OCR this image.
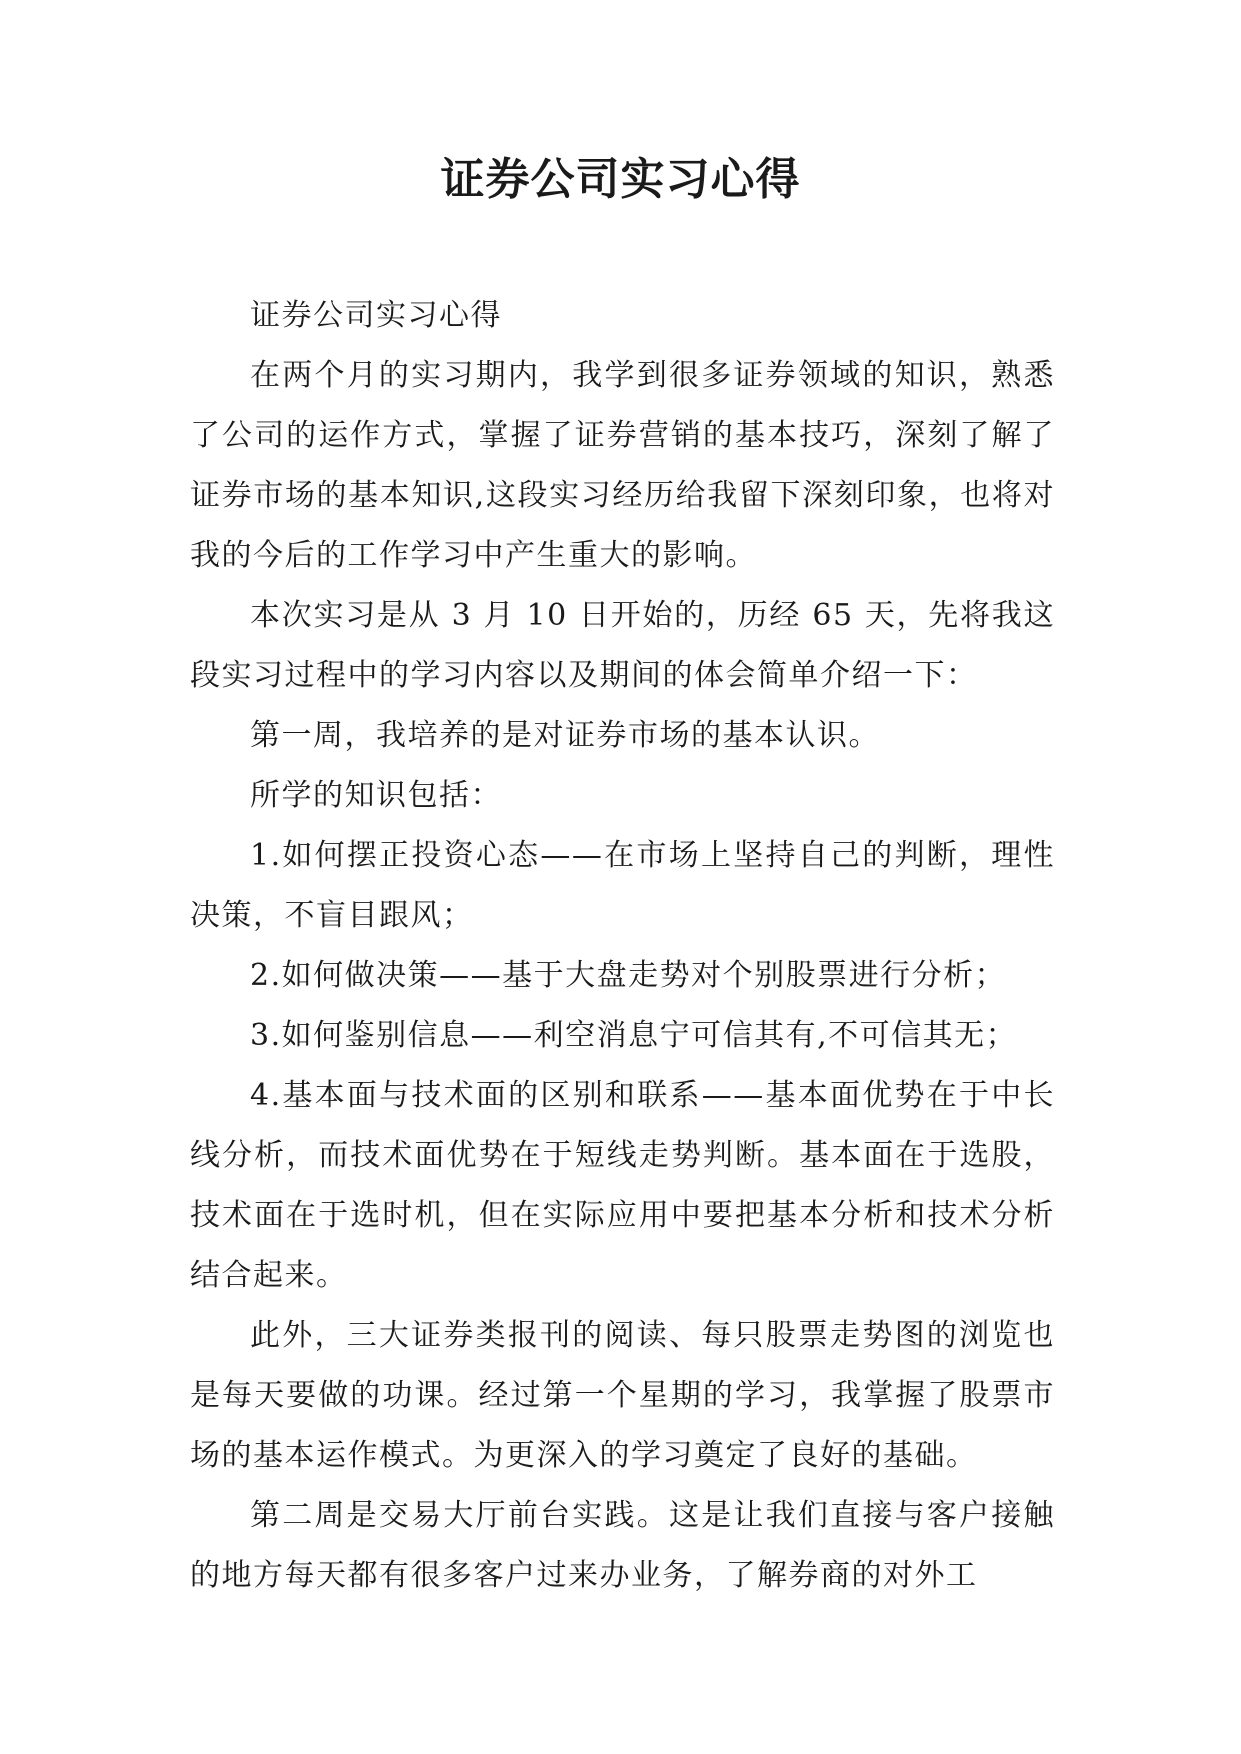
证券公司实习心得

证券公司实习心得

在两个月的实习期内，我学到很多证券领域的知识，熟悉了公司的运作方式，掌握了证券营销的基本技巧，深刻了解了证券市场的基本知识,这段实习经历给我留下深刻印象，也将对我的今后的工作学习中产生重大的影响。

本次实习是从 3 月 10 日开始的，历经 65 天，先将我这段实习过程中的学习内容以及期间的体会简单介绍一下：

第一周，我培养的是对证券市场的基本认识。

所学的知识包括：

1.如何摆正投资心态——在市场上坚持自己的判断，理性决策，不盲目跟风；

2.如何做决策——基于大盘走势对个别股票进行分析；

3.如何鉴别信息——利空消息宁可信其有,不可信其无；

4.基本面与技术面的区别和联系——基本面优势在于中长线分析，而技术面优势在于短线走势判断。基本面在于选股，技术面在于选时机，但在实际应用中要把基本分析和技术分析结合起来。

此外，三大证券类报刊的阅读、每只股票走势图的浏览也是每天要做的功课。经过第一个星期的学习，我掌握了股票市场的基本运作模式。为更深入的学习奠定了良好的基础。

第二周是交易大厅前台实践。这是让我们直接与客户接触的地方每天都有很多客户过来办业务，了解券商的对外工
